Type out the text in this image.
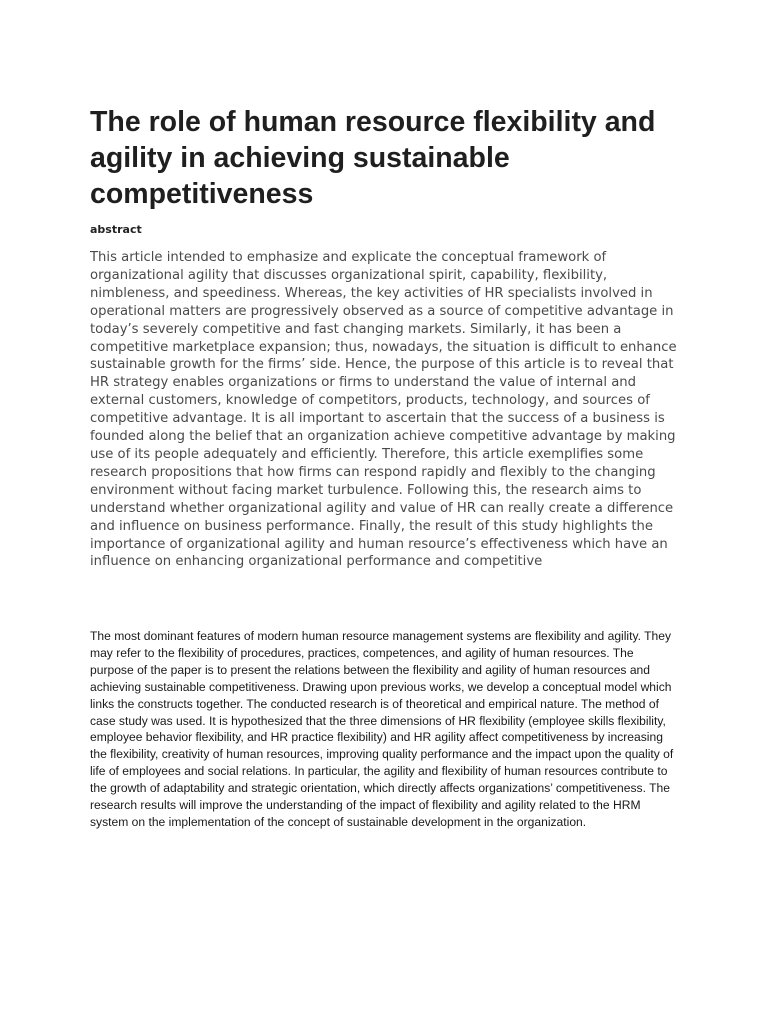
The role of human resource flexibility and agility in achieving sustainable competitiveness
abstract

This article intended to emphasize and explicate the conceptual framework of organizational agility that discusses organizational spirit, capability, flexibility, nimbleness, and speediness. Whereas, the key activities of HR specialists involved in operational matters are progressively observed as a source of competitive advantage in today’s severely competitive and fast changing markets. Similarly, it has been a competitive marketplace expansion; thus, nowadays, the situation is difficult to enhance sustainable growth for the firms’ side. Hence, the purpose of this article is to reveal that HR strategy enables organizations or firms to understand the value of internal and external customers, knowledge of competitors, products, technology, and sources of competitive advantage. It is all important to ascertain that the success of a business is founded along the belief that an organization achieve competitive advantage by making use of its people adequately and efficiently. Therefore, this article exemplifies some research propositions that how firms can respond rapidly and flexibly to the changing environment without facing market turbulence. Following this, the research aims to understand whether organizational agility and value of HR can really create a difference and influence on business performance. Finally, the result of this study highlights the importance of organizational agility and human resource’s effectiveness which have an influence on enhancing organizational performance and competitive

The most dominant features of modern human resource management systems are flexibility and agility. They may refer to the flexibility of procedures, practices, competences, and agility of human resources. The purpose of the paper is to present the relations between the flexibility and agility of human resources and achieving sustainable competitiveness. Drawing upon previous works, we develop a conceptual model which links the constructs together. The conducted research is of theoretical and empirical nature. The method of case study was used. It is hypothesized that the three dimensions of HR flexibility (employee skills flexibility, employee behavior flexibility, and HR practice flexibility) and HR agility affect competitiveness by increasing the flexibility, creativity of human resources, improving quality performance and the impact upon the quality of life of employees and social relations. In particular, the agility and flexibility of human resources contribute to the growth of adaptability and strategic orientation, which directly affects organizations’ competitiveness. The research results will improve the understanding of the impact of flexibility and agility related to the HRM system on the implementation of the concept of sustainable development in the organization.
